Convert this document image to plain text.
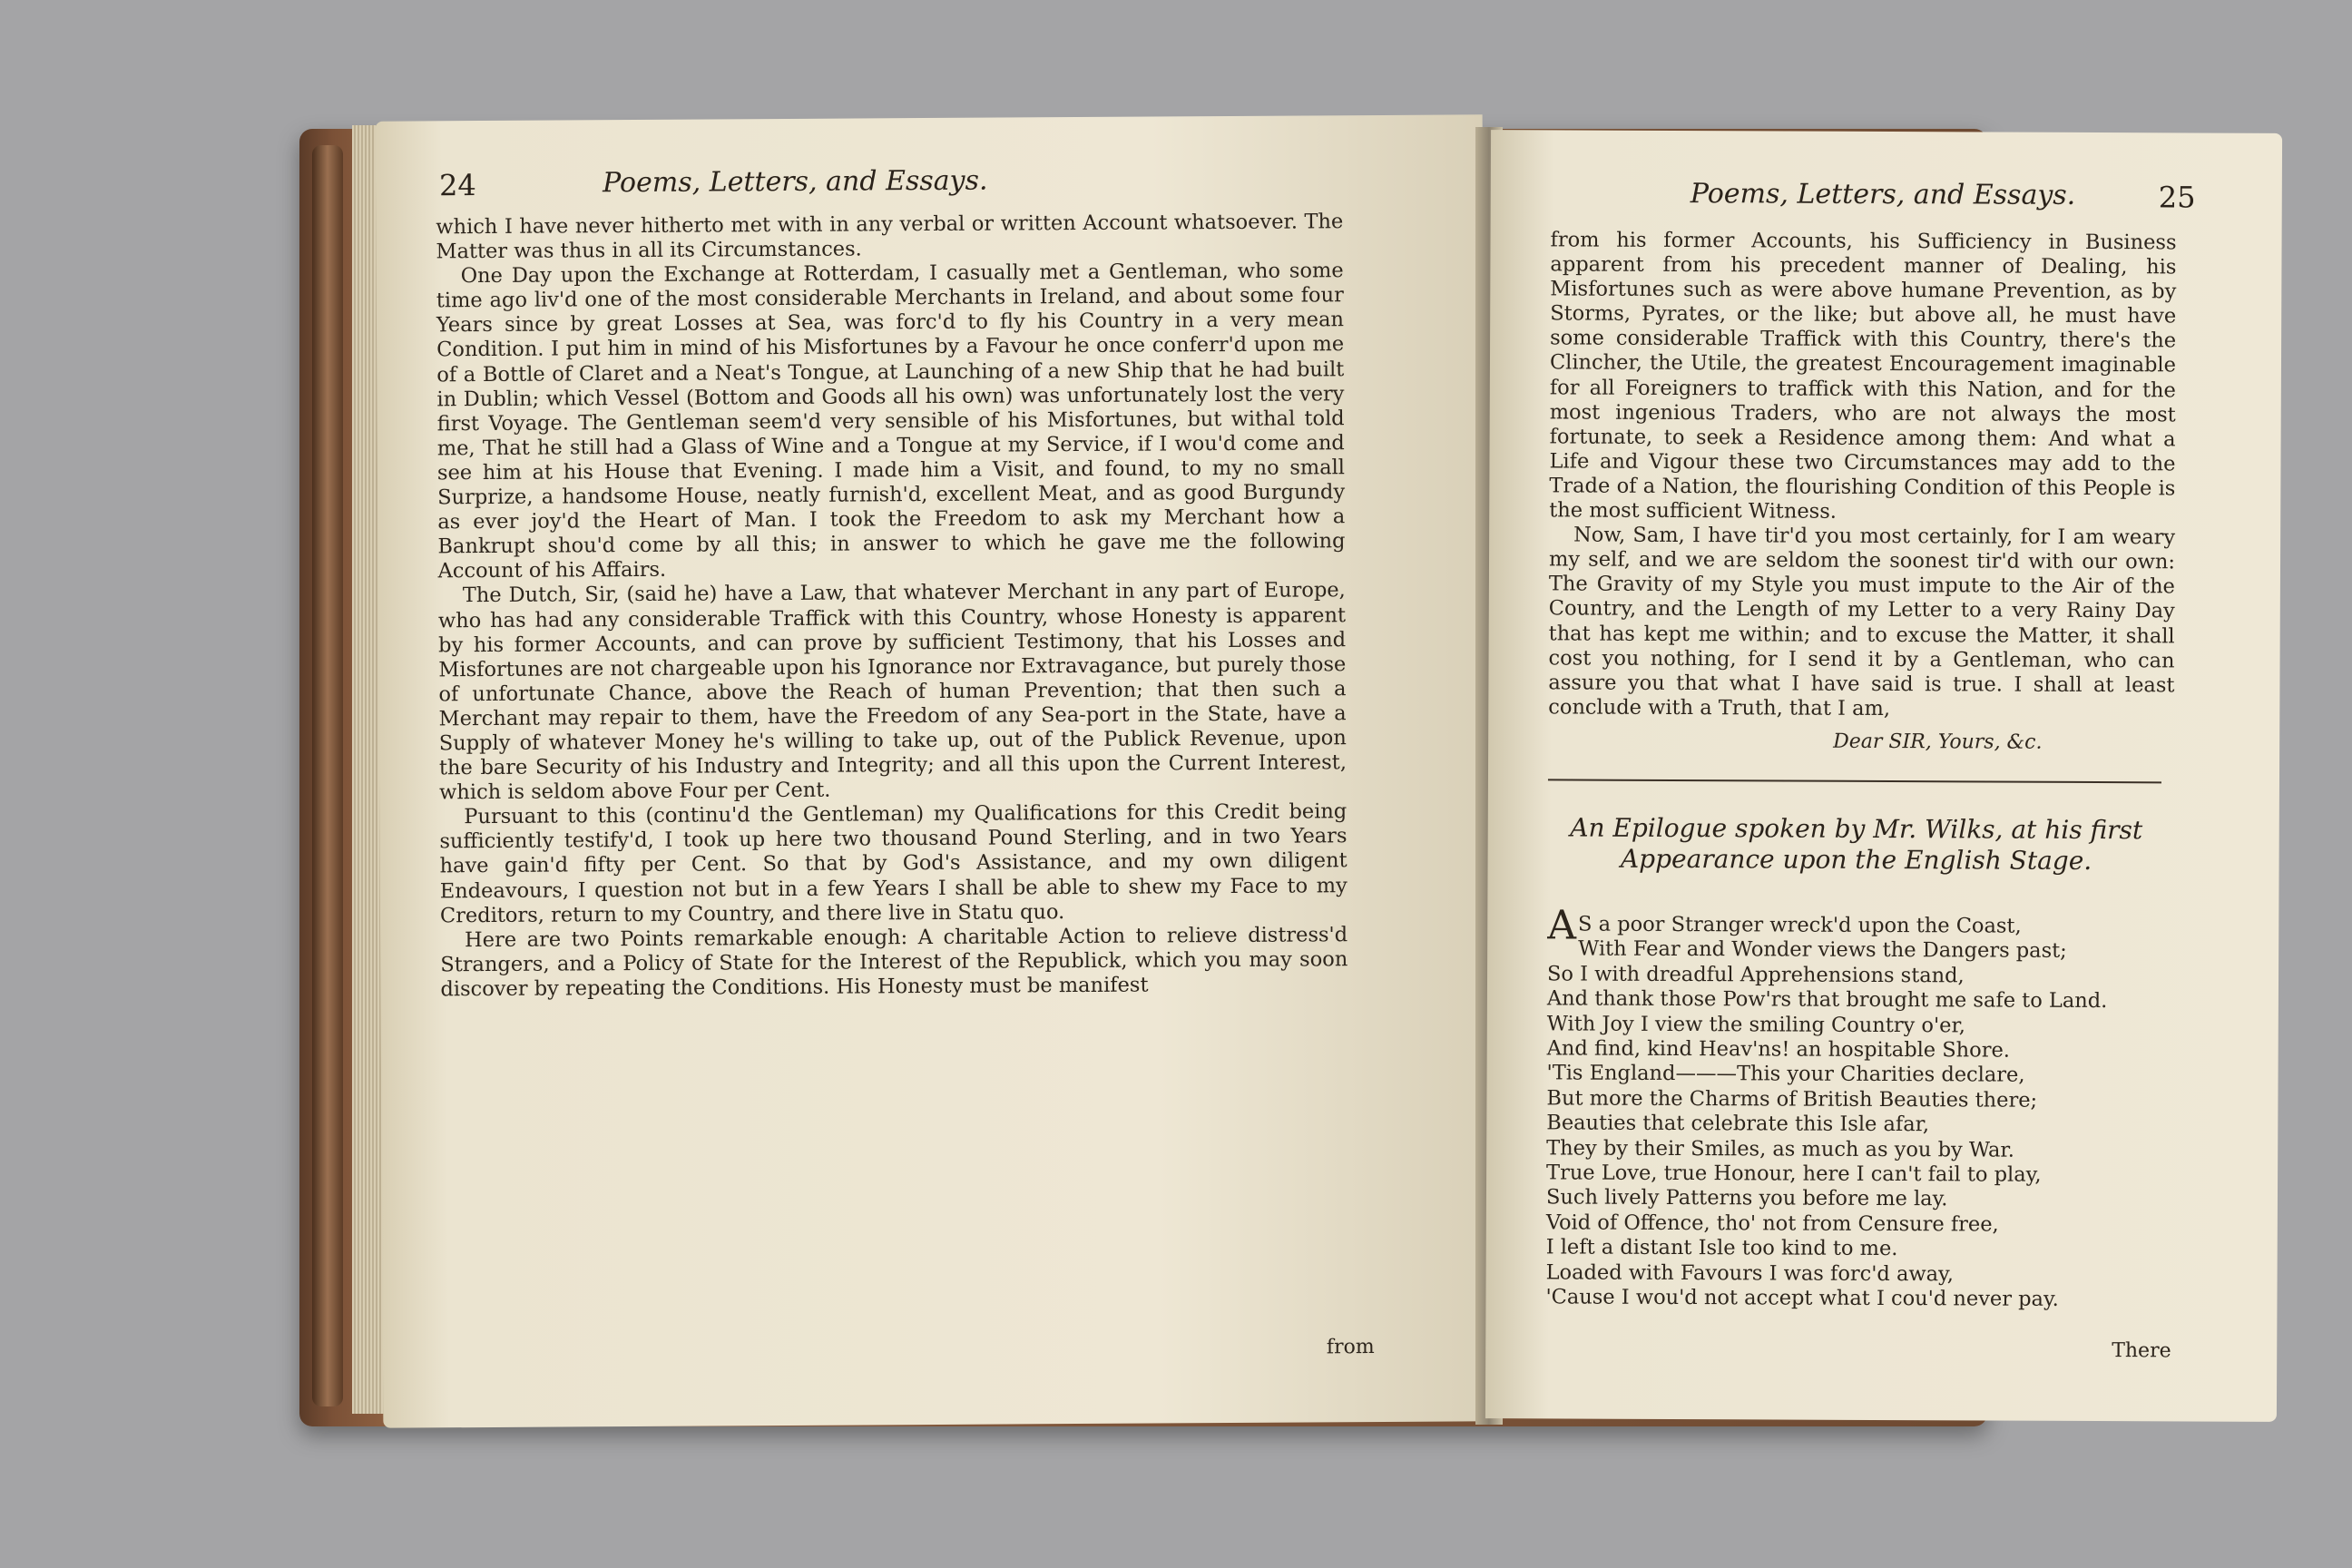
24	Poems, Letters, and Essays.

which I have never hitherto met with in any verbal or written Account whatsoever. The Matter was thus in all its Circumstances.

One Day upon the Exchange at Rotterdam, I casually met a Gentleman, who some time ago liv'd one of the most considerable Merchants in Ireland, and about some four Years since by great Losses at Sea, was forc'd to fly his Country in a very mean Condition. I put him in mind of his Misfortunes by a Favour he once conferr'd upon me of a Bottle of Claret and a Neat's Tongue, at Launching of a new Ship that he had built in Dublin; which Vessel (Bottom and Goods all his own) was unfortunately lost the very first Voyage. The Gentleman seem'd very sensible of his Misfortunes, but withal told me, That he still had a Glass of Wine and a Tongue at my Service, if I wou'd come and see him at his House that Evening. I made him a Visit, and found, to my no small Surprize, a handsome House, neatly furnish'd, excellent Meat, and as good Burgundy as ever joy'd the Heart of Man. I took the Freedom to ask my Merchant how a Bankrupt shou'd come by all this; in answer to which he gave me the following Account of his Affairs.

The Dutch, Sir, (said he) have a Law, that whatever Merchant in any part of Europe, who has had any considerable Traffick with this Country, whose Honesty is apparent by his former Accounts, and can prove by sufficient Testimony, that his Losses and Misfortunes are not chargeable upon his Ignorance nor Extravagance, but purely those of unfortunate Chance, above the Reach of human Prevention; that then such a Merchant may repair to them, have the Freedom of any Sea-port in the State, have a Supply of whatever Money he's willing to take up, out of the Publick Revenue, upon the bare Security of his Industry and Integrity; and all this upon the Current Interest, which is seldom above Four per Cent.

Pursuant to this (continu'd the Gentleman) my Qualifications for this Credit being sufficiently testify'd, I took up here two thousand Pound Sterling, and in two Years have gain'd fifty per Cent. So that by God's Assistance, and my own diligent Endeavours, I question not but in a few Years I shall be able to shew my Face to my Creditors, return to my Country, and there live in Statu quo.

Here are two Points remarkable enough: A charitable Action to relieve distress'd Strangers, and a Policy of State for the Interest of the Republick, which you may soon discover by repeating the Conditions. His Honesty must be manifest

from
Poems, Letters, and Essays.	25

from his former Accounts, his Sufficiency in Business apparent from his precedent manner of Dealing, his Misfortunes such as were above humane Prevention, as by Storms, Pyrates, or the like; but above all, he must have some considerable Traffick with this Country, there's the Clincher, the Utile, the greatest Encouragement imaginable for all Foreigners to traffick with this Nation, and for the most ingenious Traders, who are not always the most fortunate, to seek a Residence among them: And what a Life and Vigour these two Circumstances may add to the Trade of a Nation, the flourishing Condition of this People is the most sufficient Witness.

Now, Sam, I have tir'd you most certainly, for I am weary my self, and we are seldom the soonest tir'd with our own: The Gravity of my Style you must impute to the Air of the Country, and the Length of my Letter to a very Rainy Day that has kept me within; and to excuse the Matter, it shall cost you nothing, for I send it by a Gentleman, who can assure you that what I have said is true. I shall at least conclude with a Truth, that I am,

Dear SIR, Yours, &c.
An Epilogue spoken by Mr. Wilks, at his first Appearance upon the English Stage.
A S a poor Stranger wreck'd upon the Coast,
With Fear and Wonder views the Dangers past;
So I with dreadful Apprehensions stand,
And thank those Pow'rs that brought me safe to Land.
With Joy I view the smiling Country o'er,
And find, kind Heav'ns! an hospitable Shore.
'Tis England———This your Charities declare,
But more the Charms of British Beauties there;
Beauties that celebrate this Isle afar,
They by their Smiles, as much as you by War.
True Love, true Honour, here I can't fail to play,
Such lively Patterns you before me lay.
Void of Offence, tho' not from Censure free,
I left a distant Isle too kind to me.
Loaded with Favours I was forc'd away,
'Cause I wou'd not accept what I cou'd never pay.
There
